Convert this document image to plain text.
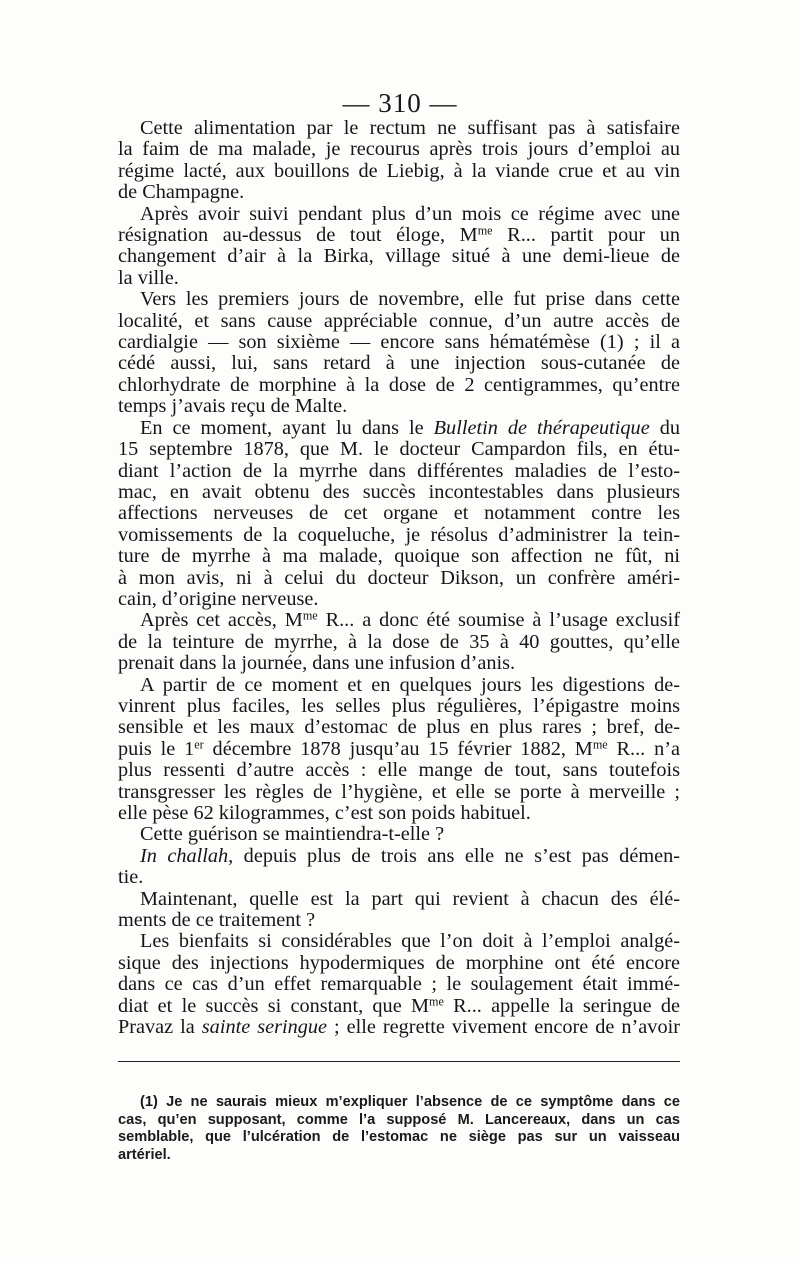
— 310 —
Cette alimentation par le rectum ne suffisant pas à satisfaire
la faim de ma malade, je recourus après trois jours d’emploi au
régime lacté, aux bouillons de Liebig, à la viande crue et au vin
de Champagne.
Après avoir suivi pendant plus d’un mois ce régime avec une
résignation au-dessus de tout éloge, $M^{me}$ R... partit pour un
changement d’air à la Birka, village situé à une demi-lieue de
la ville.
Vers les premiers jours de novembre, elle fut prise dans cette
localité, et sans cause appréciable connue, d’un autre accès de
cardialgie — son sixième — encore sans hématémèse (1) ; il a
cédé aussi, lui, sans retard à une injection sous-cutanée de
chlorhydrate de morphine à la dose de 2 centigrammes, qu’entre
temps j’avais reçu de Malte.
En ce moment, ayant lu dans le Bulletin de thérapeutique du
15 septembre 1878, que M. le docteur Campardon fils, en étu-
diant l’action de la myrrhe dans différentes maladies de l’esto-
mac, en avait obtenu des succès incontestables dans plusieurs
affections nerveuses de cet organe et notamment contre les
vomissements de la coqueluche, je résolus d’administrer la tein-
ture de myrrhe à ma malade, quoique son affection ne fût, ni
à mon avis, ni à celui du docteur Dikson, un confrère améri-
cain, d’origine nerveuse.
Après cet accès, $M^{me}$ R... a donc été soumise à l’usage exclusif
de la teinture de myrrhe, à la dose de 35 à 40 gouttes, qu’elle
prenait dans la journée, dans une infusion d’anis.
A partir de ce moment et en quelques jours les digestions de-
vinrent plus faciles, les selles plus régulières, l’épigastre moins
sensible et les maux d’estomac de plus en plus rares ; bref, de-
puis le 1er décembre 1878 jusqu’au 15 février 1882, $M^{me}$ R... n’a
plus ressenti d’autre accès : elle mange de tout, sans toutefois
transgresser les règles de l’hygiène, et elle se porte à merveille ;
elle pèse 62 kilogrammes, c’est son poids habituel.
Cette guérison se maintiendra-t-elle ?
In challah, depuis plus de trois ans elle ne s’est pas démen-
tie.
Maintenant, quelle est la part qui revient à chacun des élé-
ments de ce traitement ?
Les bienfaits si considérables que l’on doit à l’emploi analgé-
sique des injections hypodermiques de morphine ont été encore
dans ce cas d’un effet remarquable ; le soulagement était immé-
diat et le succès si constant, que $M^{me}$ R... appelle la seringue de
Pravaz la sainte seringue ; elle regrette vivement encore de n’avoir
(1) Je ne saurais mieux m’expliquer l’absence de ce symptôme dans ce
cas, qu’en supposant, comme l’a supposé M. Lancereaux, dans un cas
semblable, que l’ulcération de l’estomac ne siège pas sur un vaisseau
artériel.
